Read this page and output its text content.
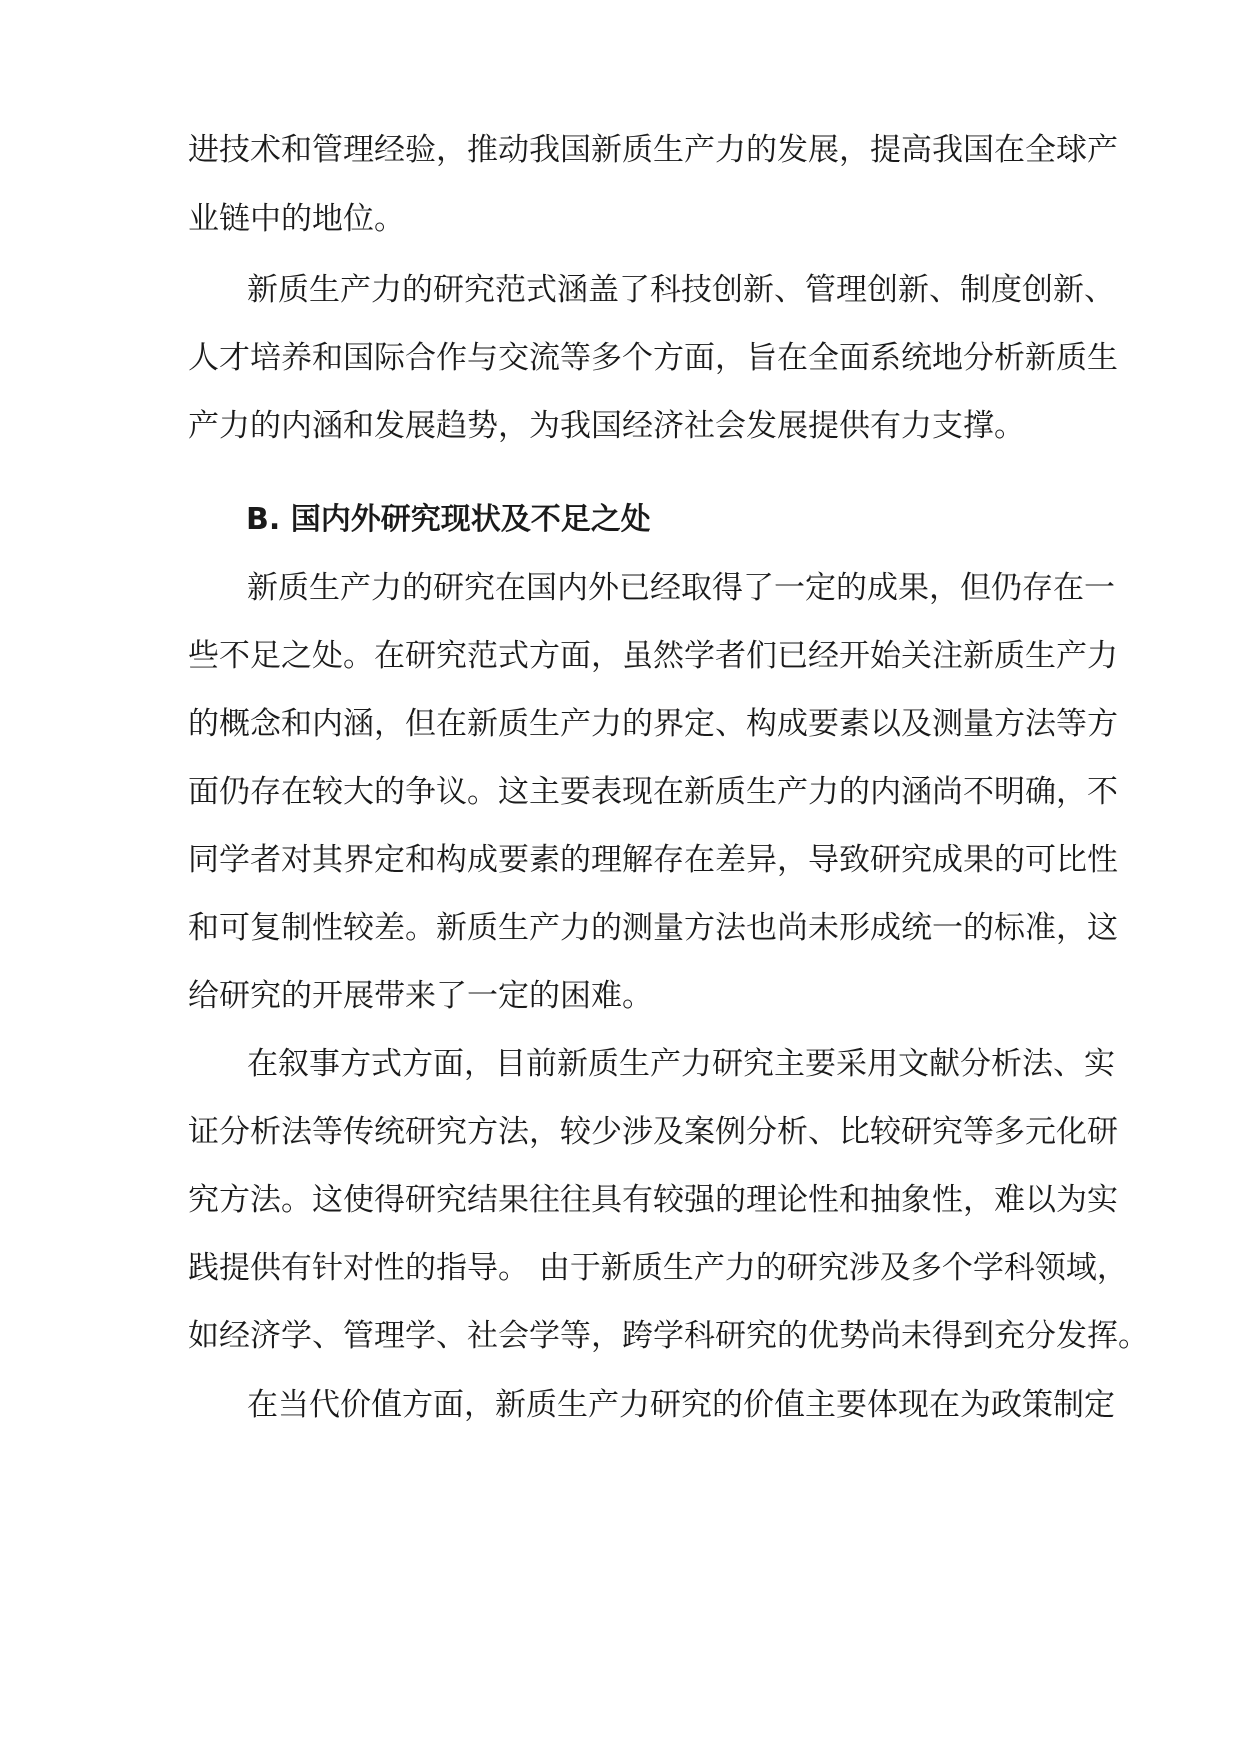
进技术和管理经验，推动我国新质生产力的发展，提高我国在全球产
业链中的地位。
新质生产力的研究范式涵盖了科技创新、管理创新、制度创新、
人才培养和国际合作与交流等多个方面，旨在全面系统地分析新质生
产力的内涵和发展趋势，为我国经济社会发展提供有力支撑。
B. 国内外研究现状及不足之处
新质生产力的研究在国内外已经取得了一定的成果，但仍存在一
些不足之处。在研究范式方面，虽然学者们已经开始关注新质生产力
的概念和内涵，但在新质生产力的界定、构成要素以及测量方法等方
面仍存在较大的争议。这主要表现在新质生产力的内涵尚不明确，不
同学者对其界定和构成要素的理解存在差异，导致研究成果的可比性
和可复制性较差。新质生产力的测量方法也尚未形成统一的标准，这
给研究的开展带来了一定的困难。
在叙事方式方面，目前新质生产力研究主要采用文献分析法、实
证分析法等传统研究方法，较少涉及案例分析、比较研究等多元化研
究方法。这使得研究结果往往具有较强的理论性和抽象性，难以为实
践提供有针对性的指导。 由于新质生产力的研究涉及多个学科领域，
如经济学、管理学、社会学等，跨学科研究的优势尚未得到充分发挥。
在当代价值方面，新质生产力研究的价值主要体现在为政策制定
